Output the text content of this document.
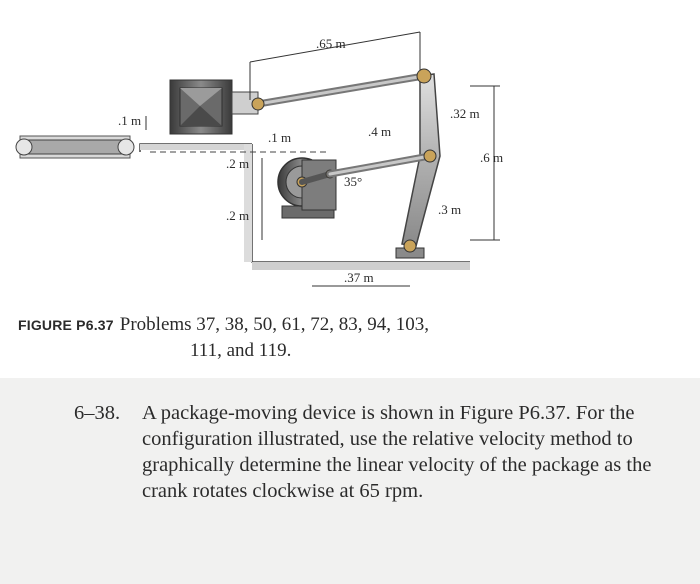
.65 m
.1 m
.1 m	.4 m
.32 m
.6 m
.3 m
.2 m
.2 m
35°
.37 m
FIGURE P6.37 Problems 37, 38, 50, 61, 72, 83, 94, 103,
111, and 119.
6–38.	A package-moving device is shown in Figure P6.37. For the configuration illustrated, use the relative velocity method to graphically determine the linear velocity of the package as the crank rotates clockwise at 65 rpm.
